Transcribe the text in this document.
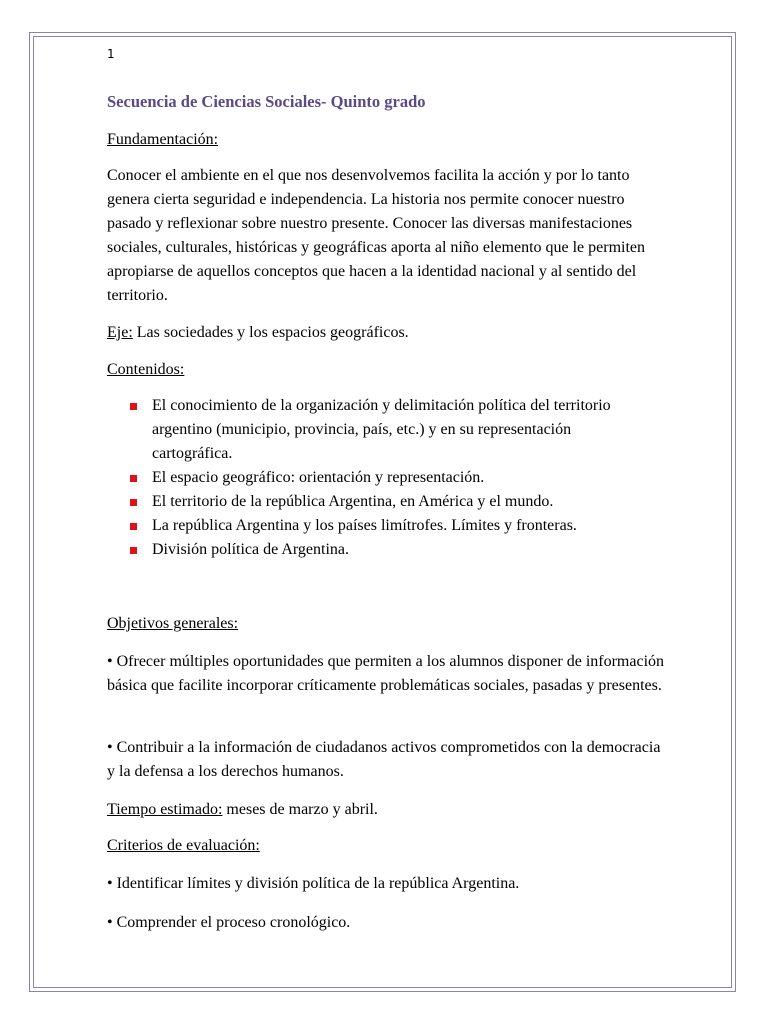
1
Secuencia de Ciencias Sociales- Quinto grado
Fundamentación:
Conocer el ambiente en el que nos desenvolvemos facilita la acción y por lo tanto genera cierta seguridad e independencia. La historia nos permite conocer nuestro pasado y reflexionar sobre nuestro presente. Conocer las diversas manifestaciones sociales, culturales, históricas y geográficas aporta al niño elemento que le permiten apropiarse de aquellos conceptos que hacen a la identidad nacional y al sentido del territorio.
Eje: Las sociedades y los espacios geográficos.
Contenidos:
El conocimiento de la organización y delimitación política del territorio argentino (municipio, provincia, país, etc.) y en su representación cartográfica.
El espacio geográfico: orientación y representación.
El territorio de la república Argentina, en América y el mundo.
La república Argentina y los países limítrofes. Límites y fronteras.
División política de Argentina.
Objetivos generales:
• Ofrecer múltiples oportunidades que permiten a los alumnos disponer de información básica que facilite incorporar críticamente problemáticas sociales, pasadas y presentes.
• Contribuir a la información de ciudadanos activos comprometidos con la democracia y la defensa a los derechos humanos.
Tiempo estimado: meses de marzo y abril.
Criterios de evaluación:
• Identificar límites y división política de la república Argentina.
• Comprender el proceso cronológico.
